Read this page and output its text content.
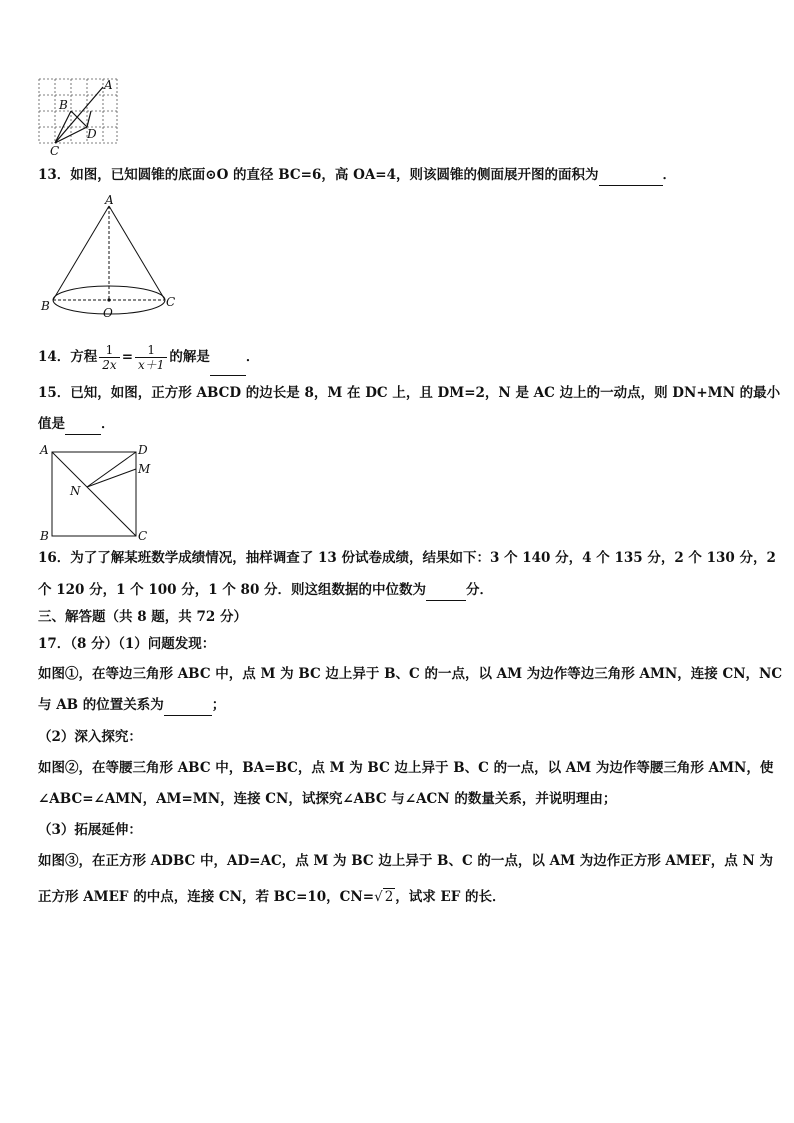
A
B
D
C
13．如图，已知圆锥的底面⊙O 的直径 BC=6，高 OA=4，则该圆锥的侧面展开图的面积为	．
A
B	C
O
14．方程 $\frac{1}{2x} = \frac{1}{x+1}$ 的解是	．
15．已知，如图，正方形 ABCD 的边长是 8，M 在 DC 上，且 DM=2，N 是 AC 边上的一动点，则 DN+MN 的最小
值是	．
A	D
M
N
B	C
16．为了了解某班数学成绩情况，抽样调查了 13 份试卷成绩，结果如下：3 个 140 分，4 个 135 分，2 个 130 分，2
个 120 分，1 个 100 分，1 个 80 分．则这组数据的中位数为	分．
三、解答题（共 8 题，共 72 分）
17．（8 分）（1）问题发现：
如图①，在等边三角形 ABC 中，点 M 为 BC 边上异于 B、C 的一点，以 AM 为边作等边三角形 AMN，连接 CN，NC
与 AB 的位置关系为	；
（2）深入探究：
如图②，在等腰三角形 ABC 中，BA=BC，点 M 为 BC 边上异于 B、C 的一点，以 AM 为边作等腰三角形 AMN，使
∠ABC=∠AMN，AM=MN，连接 CN，试探究∠ABC 与∠ACN 的数量关系，并说明理由；
（3）拓展延伸：
如图③，在正方形 ADBC 中，AD=AC，点 M 为 BC 边上异于 B、C 的一点，以 AM 为边作正方形 AMEF，点 N 为
正方形 AMEF 的中点，连接 CN，若 BC=10，CN=√ 2 ，试求 EF 的长．
